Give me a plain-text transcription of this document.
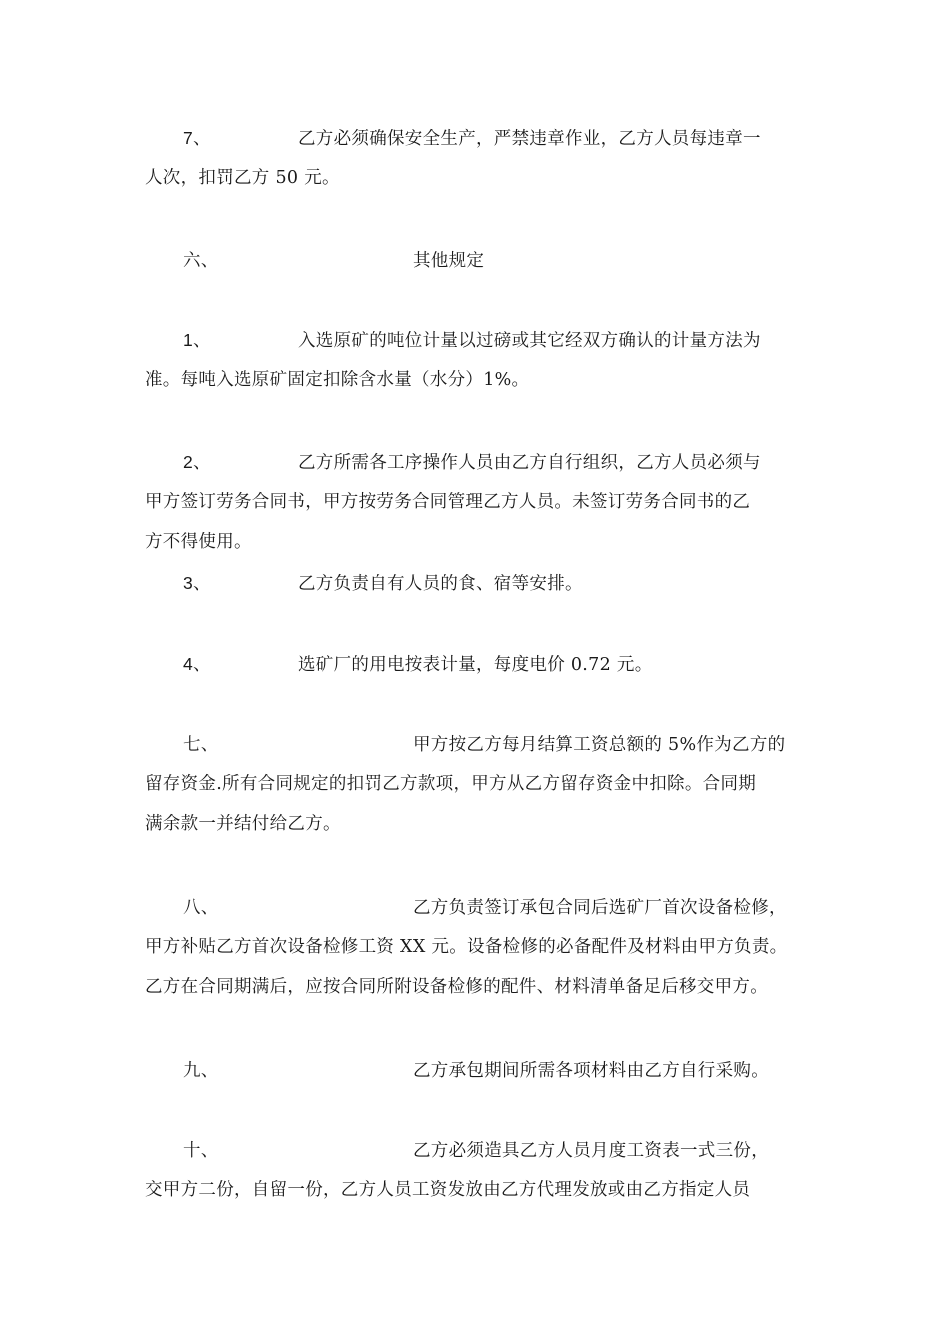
7、	乙方必须确保安全生产，严禁违章作业，乙方人员每违章一
人次，扣罚乙方 50 元。
六、	其他规定
1、	入选原矿的吨位计量以过磅或其它经双方确认的计量方法为
准。每吨入选原矿固定扣除含水量（水分）1%。
2、	乙方所需各工序操作人员由乙方自行组织，乙方人员必须与
甲方签订劳务合同书，甲方按劳务合同管理乙方人员。未签订劳务合同书的乙
方不得使用。
3、	乙方负责自有人员的食、宿等安排。
4、	选矿厂的用电按表计量，每度电价 0.72 元。
七、	甲方按乙方每月结算工资总额的 5%作为乙方的
留存资金.所有合同规定的扣罚乙方款项，甲方从乙方留存资金中扣除。合同期
满余款一并结付给乙方。
八、	乙方负责签订承包合同后选矿厂首次设备检修，
甲方补贴乙方首次设备检修工资 XX 元。设备检修的必备配件及材料由甲方负责。
乙方在合同期满后，应按合同所附设备检修的配件、材料清单备足后移交甲方。
九、	乙方承包期间所需各项材料由乙方自行采购。
十、	乙方必须造具乙方人员月度工资表一式三份，
交甲方二份，自留一份，乙方人员工资发放由乙方代理发放或由乙方指定人员
